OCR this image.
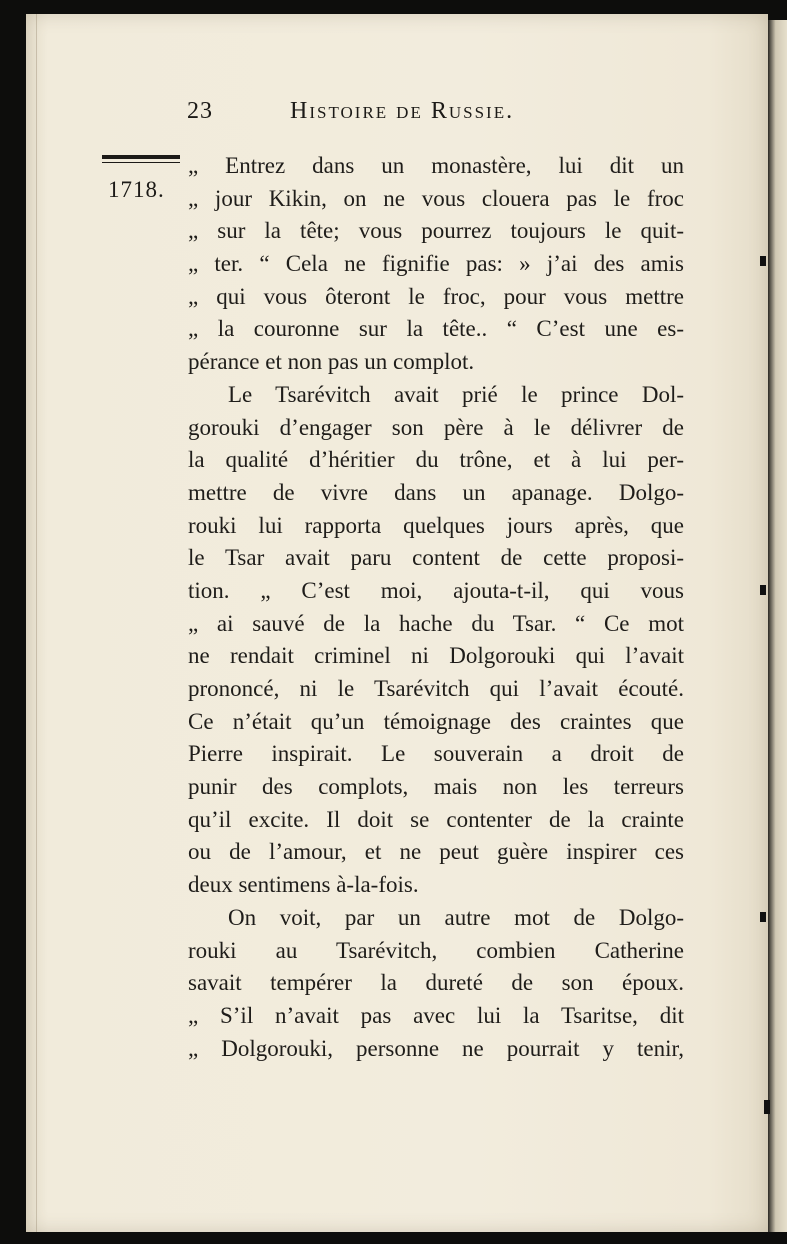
23	Histoire de Russie.
1718.
„ Entrez dans un monastère, lui dit un
„ jour Kikin, on ne vous clouera pas le froc
„ sur la tête; vous pourrez toujours le quit-
„ ter. “ Cela ne fignifie pas: » j’ai des amis
„ qui vous ôteront le froc, pour vous mettre
„ la couronne sur la tête.. “ C’est une es-
pérance et non pas un complot.
Le Tsarévitch avait prié le prince Dol-
gorouki d’engager son père à le délivrer de
la qualité d’héritier du trône, et à lui per-
mettre de vivre dans un apanage. Dolgo-
rouki lui rapporta quelques jours après, que
le Tsar avait paru content de cette proposi-
tion. „ C’est moi, ajouta-t-il, qui vous
„ ai sauvé de la hache du Tsar. “ Ce mot
ne rendait criminel ni Dolgorouki qui l’avait
prononcé, ni le Tsarévitch qui l’avait écouté.
Ce n’était qu’un témoignage des craintes que
Pierre inspirait. Le souverain a droit de
punir des complots, mais non les terreurs
qu’il excite. Il doit se contenter de la crainte
ou de l’amour, et ne peut guère inspirer ces
deux sentimens à-la-fois.
On voit, par un autre mot de Dolgo-
rouki au Tsarévitch, combien Catherine
savait tempérer la dureté de son époux.
„ S’il n’avait pas avec lui la Tsaritse, dit
„ Dolgorouki, personne ne pourrait y tenir,
